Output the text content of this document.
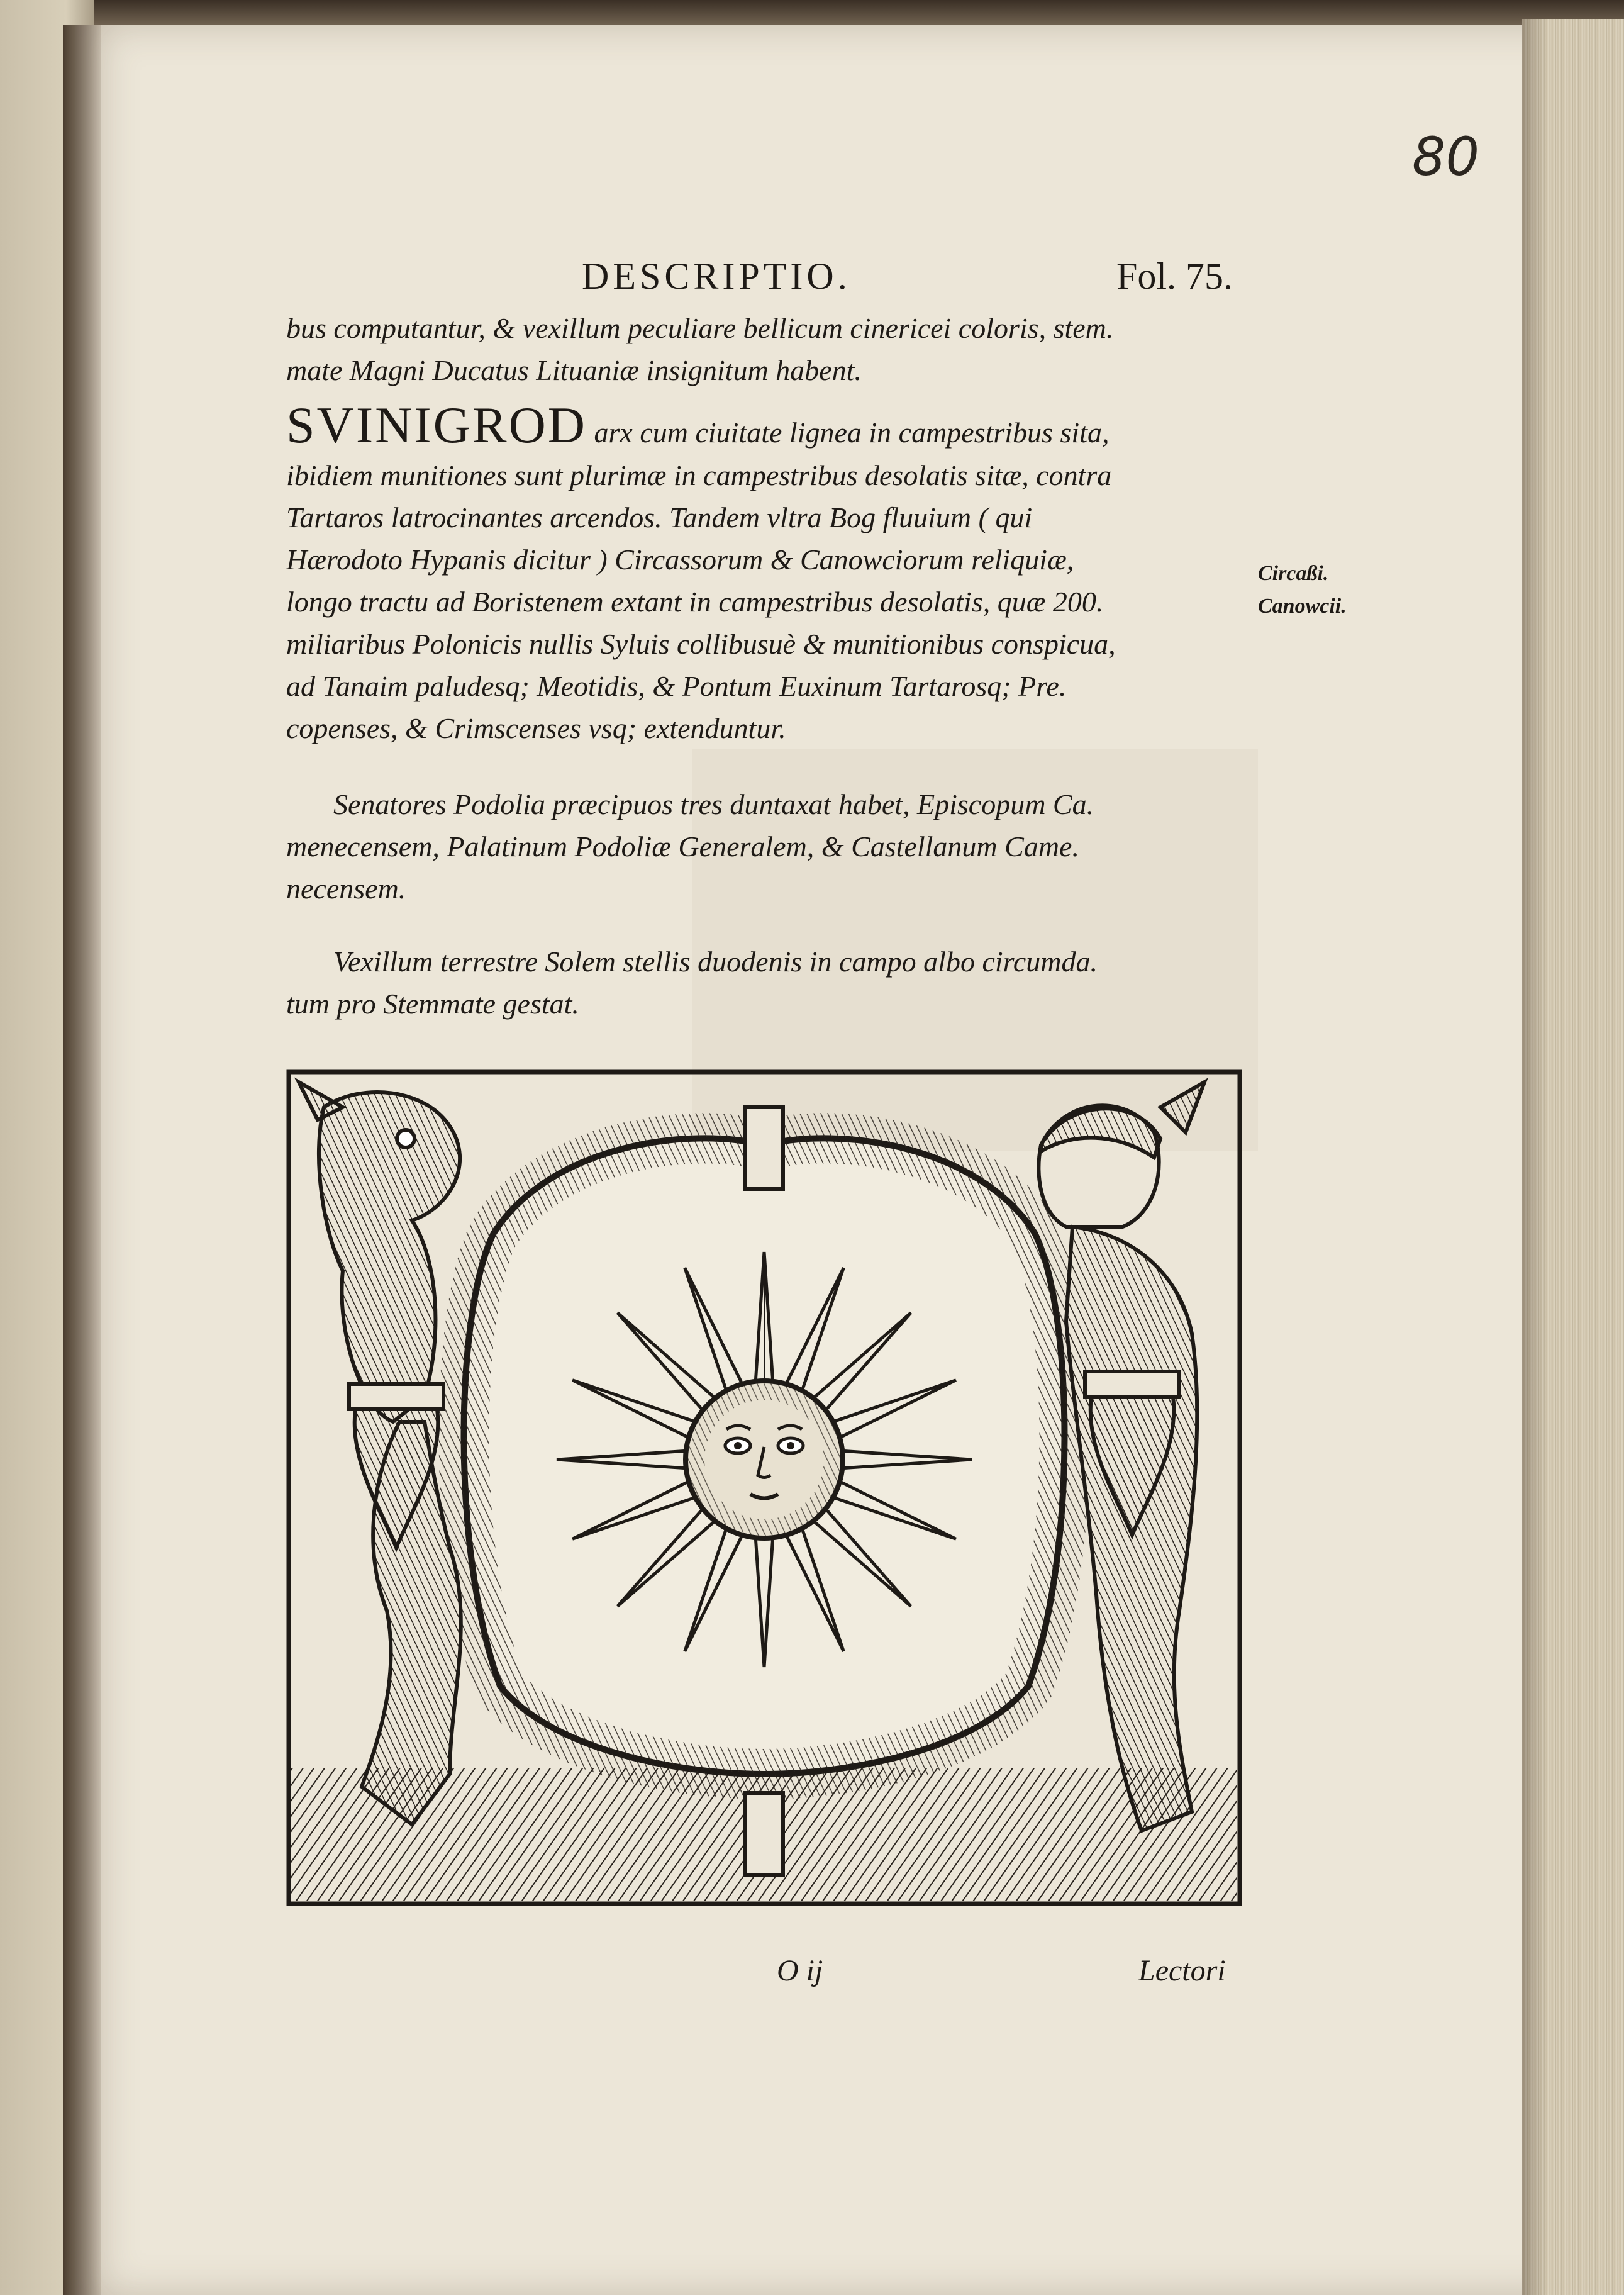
80
DESCRIPTIO.	Fol. 75.
bus computantur, & vexillum peculiare bellicum cinericei coloris, stem.
mate Magni Ducatus Lituaniæ insignitum habent.
SVINIGROD arx cum ciuitate lignea in campestribus sita,
ibidiem munitiones sunt plurimæ in campestribus desolatis sitæ, contra
Tartaros latrocinantes arcendos. Tandem vltra Bog fluuium ( qui
Hærodoto Hypanis dicitur ) Circassorum & Canowciorum reliquiæ,
longo tractu ad Boristenem extant in campestribus desolatis, quæ 200.
miliaribus Polonicis nullis Syluis collibusuè & munitionibus conspicua,
ad Tanaim paludesq; Meotidis, & Pontum Euxinum Tartarosq; Pre.
copenses, & Crimscenses vsq; extenduntur.
Circaßi.
Canowcii.
Senatores Podolia præcipuos tres duntaxat habet, Episcopum Ca.
menecensem, Palatinum Podoliæ Generalem, & Castellanum Came.
necensem.
Vexillum terrestre Solem stellis duodenis in campo albo circumda.
tum pro Stemmate gestat.
O ij	Lectori
